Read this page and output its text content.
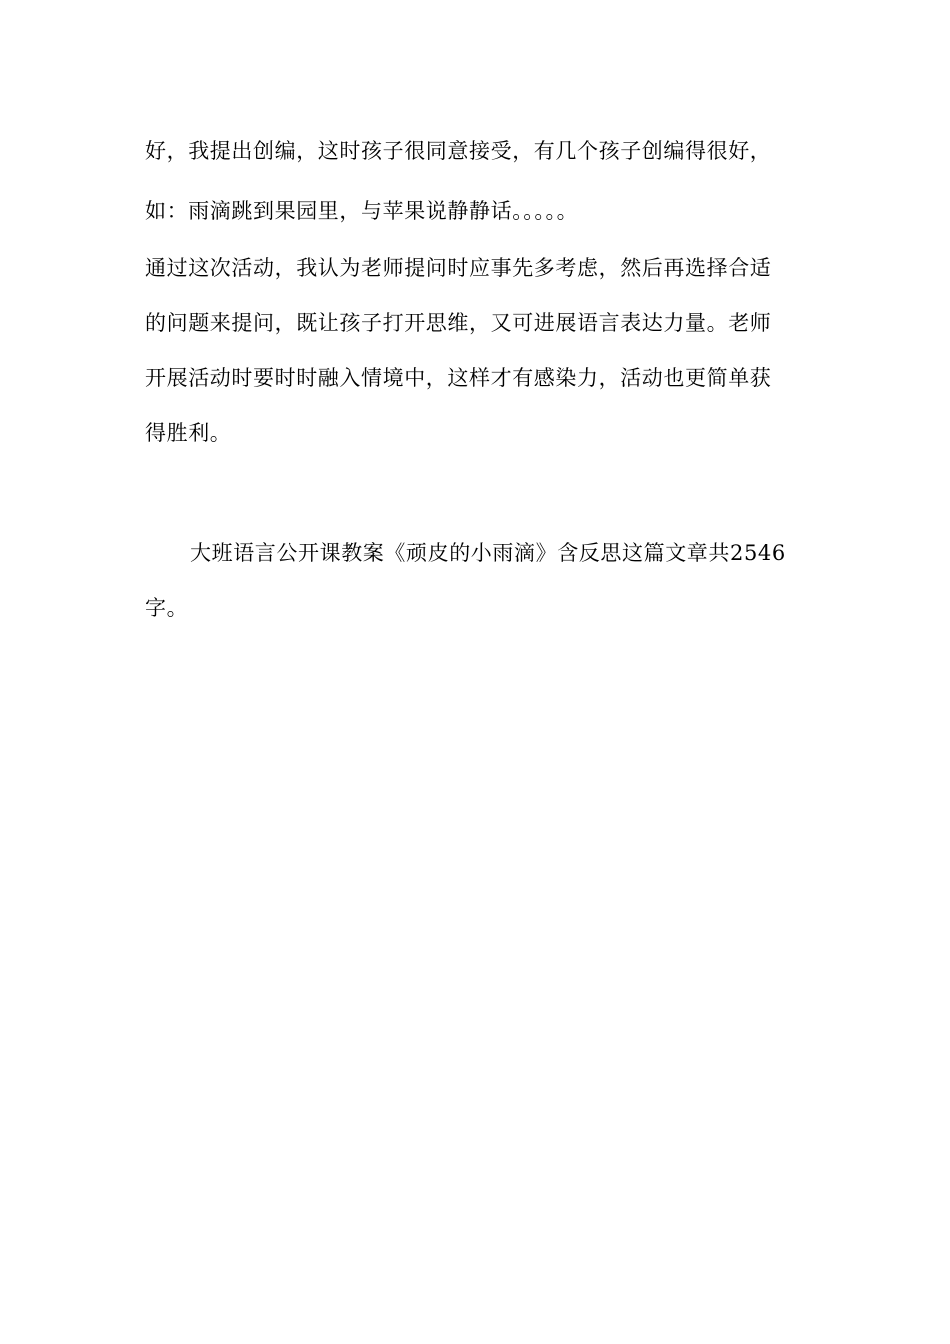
好，我提出创编，这时孩子很同意接受，有几个孩子创编得很好，
如：雨滴跳到果园里，与苹果说静静话。。。。。
通过这次活动，我认为老师提问时应事先多考虑，然后再选择合适
的问题来提问，既让孩子打开思维，又可进展语言表达力量。老师
开展活动时要时时融入情境中，这样才有感染力，活动也更简单获
得胜利。
大班语言公开课教案《顽皮的小雨滴》含反思这篇文章共2546
字。
